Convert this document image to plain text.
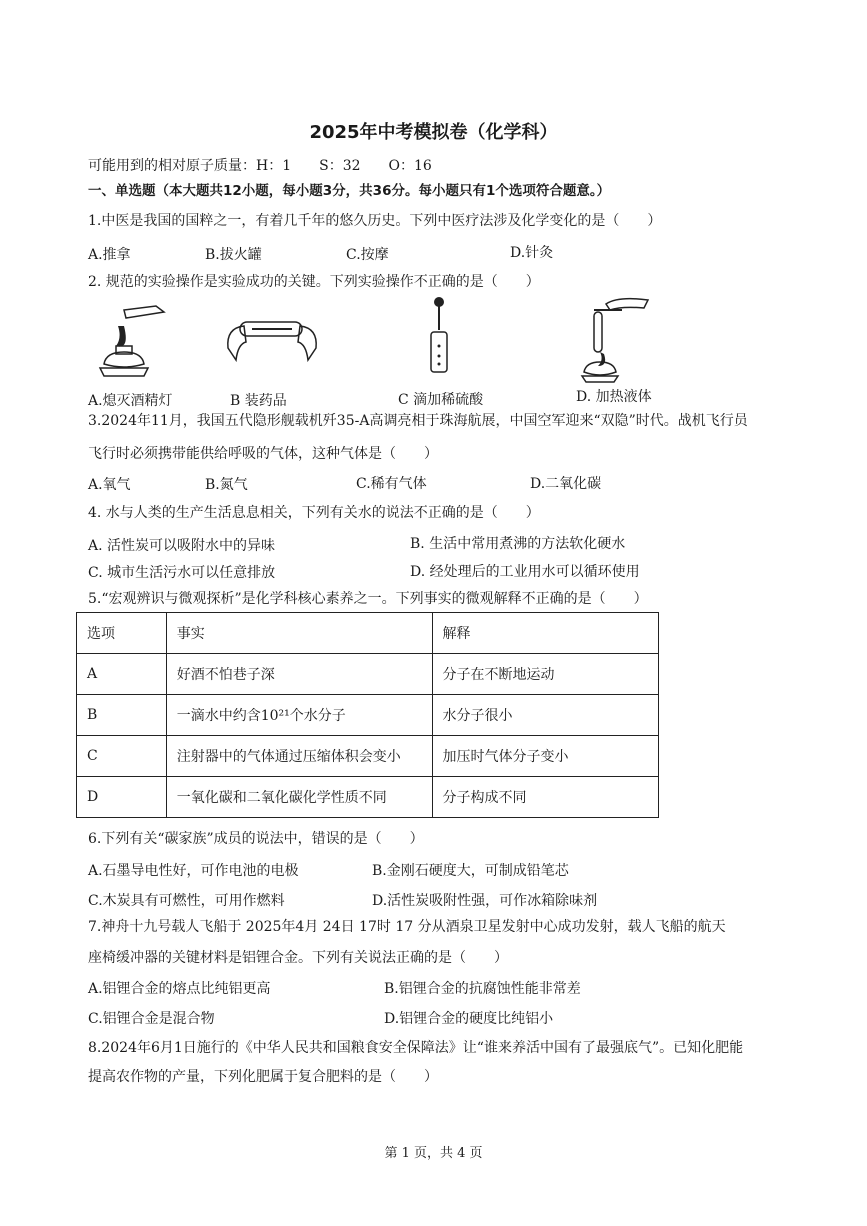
2025年中考模拟卷（化学科）
可能用到的相对原子质量：H：1　　S：32　　O：16
一、单选题（本大题共12小题，每小题3分，共36分。每小题只有1个选项符合题意。）
1.中医是我国的国粹之一，有着几千年的悠久历史。下列中医疗法涉及化学变化的是（　　）
A.推拿	B.拔火罐	C.按摩	D.针灸
2. 规范的实验操作是实验成功的关键。下列实验操作不正确的是（　　）
A.熄灭酒精灯	B 装药品	C 滴加稀硫酸	D. 加热液体
3.2024年11月，我国五代隐形舰载机歼35-A高调亮相于珠海航展，中国空军迎来“双隐”时代。战机飞行员
飞行时必须携带能供给呼吸的气体，这种气体是（　　）
A.氧气	B.氮气	C.稀有气体	D.二氧化碳
4. 水与人类的生产生活息息相关，下列有关水的说法不正确的是（　　）
A. 活性炭可以吸附水中的异味	B. 生活中常用煮沸的方法软化硬水
C. 城市生活污水可以任意排放	D. 经处理后的工业用水可以循环使用
5.“宏观辨识与微观探析”是化学科核心素养之一。下列事实的微观解释不正确的是（　　）
选项	事实	解释
A	好酒不怕巷子深	分子在不断地运动
B	一滴水中约含10²¹个水分子	水分子很小
C	注射器中的气体通过压缩体积会变小	加压时气体分子变小
D	一氧化碳和二氧化碳化学性质不同	分子构成不同
6.下列有关“碳家族”成员的说法中，错误的是（　　）
A.石墨导电性好，可作电池的电极	B.金刚石硬度大，可制成铅笔芯
C.木炭具有可燃性，可用作燃料	D.活性炭吸附性强，可作冰箱除味剂
7.神舟十九号载人飞船于 2025年4月 24日 17时 17 分从酒泉卫星发射中心成功发射，载人飞船的航天
座椅缓冲器的关键材料是铝锂合金。下列有关说法正确的是（　　）
A.铝锂合金的熔点比纯铝更高	B.铝锂合金的抗腐蚀性能非常差
C.铝锂合金是混合物	D.铝锂合金的硬度比纯铝小
8.2024年6月1日施行的《中华人民共和国粮食安全保障法》让“谁来养活中国有了最强底气”。已知化肥能
提高农作物的产量，下列化肥属于复合肥料的是（　　）
第 1 页，共 4 页
